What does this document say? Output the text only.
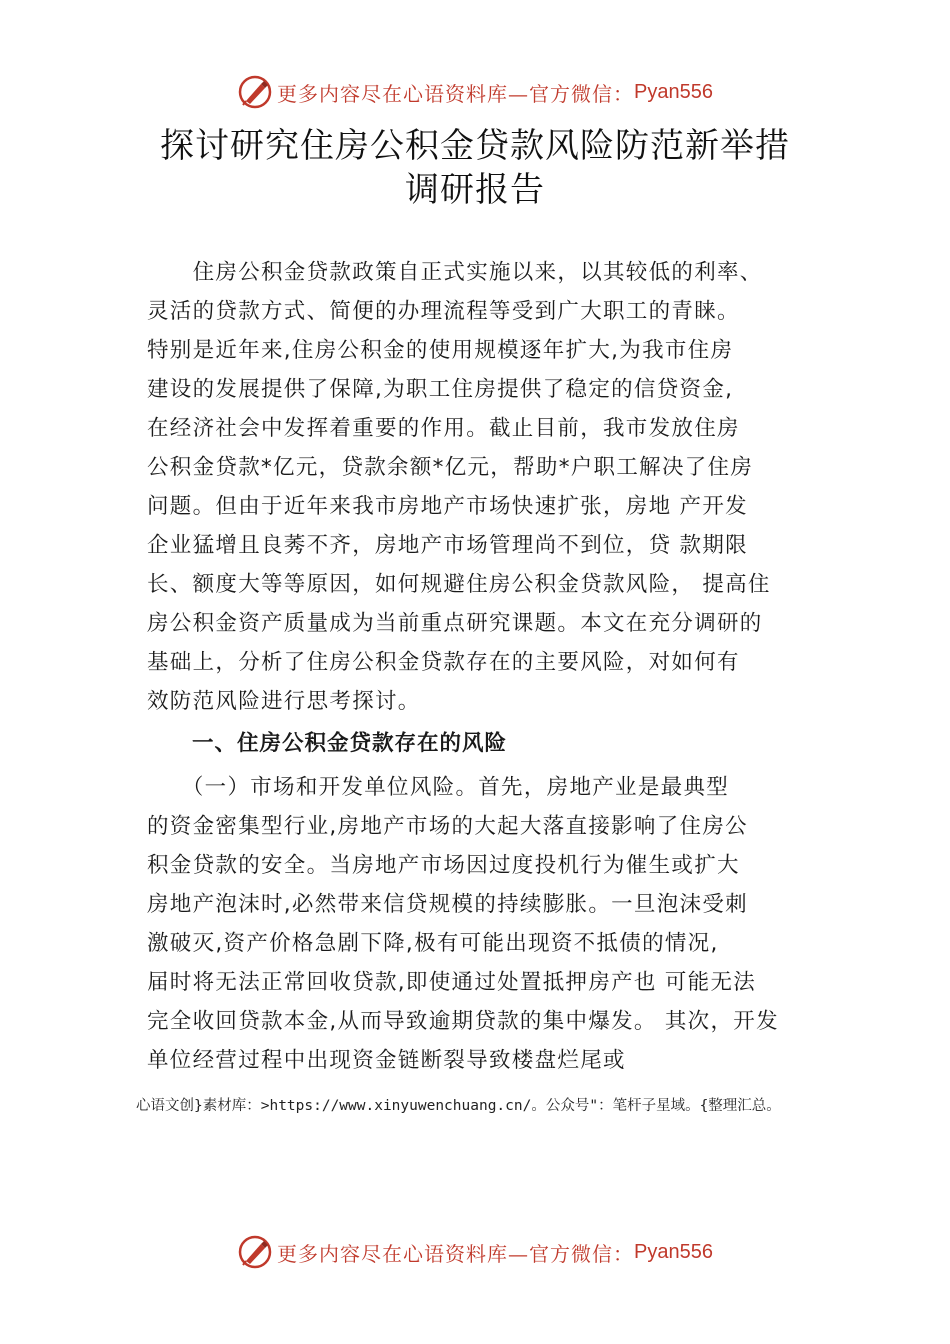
更多内容尽在心语资料库—官方微信： Pyan556
探讨研究住房公积金贷款风险防范新举措
调研报告
　　住房公积金贷款政策自正式实施以来，以其较低的利率、
灵活的贷款方式、简便的办理流程等受到广大职工的青睐。
特别是近年来,住房公积金的使用规模逐年扩大,为我市住房
建设的发展提供了保障,为职工住房提供了稳定的信贷资金,
在经济社会中发挥着重要的作用。截止目前，我市发放住房
公积金贷款*亿元，贷款余额*亿元，帮助*户职工解决了住房
问题。但由于近年来我市房地产市场快速扩张，房地 产开发
企业猛增且良莠不齐，房地产市场管理尚不到位，贷 款期限
长、额度大等等原因，如何规避住房公积金贷款风险， 提高住
房公积金资产质量成为当前重点研究课题。本文在充分调研的
基础上，分析了住房公积金贷款存在的主要风险，对如何有
效防范风险进行思考探讨。
　　一、住房公积金贷款存在的风险
　　（一）市场和开发单位风险。首先，房地产业是最典型
的资金密集型行业,房地产市场的大起大落直接影响了住房公
积金贷款的安全。当房地产市场因过度投机行为催生或扩大
房地产泡沫时,必然带来信贷规模的持续膨胀。一旦泡沫受刺
激破灭,资产价格急剧下降,极有可能出现资不抵债的情况,
届时将无法正常回收贷款,即使通过处置抵押房产也 可能无法
完全收回贷款本金,从而导致逾期贷款的集中爆发。 其次，开发
单位经营过程中出现资金链断裂导致楼盘烂尾或
心语文创}素材库：>https://www.xinyuwenchuang.cn/。公众号"：笔杆子星域。{整理汇总。
更多内容尽在心语资料库—官方微信： Pyan556
